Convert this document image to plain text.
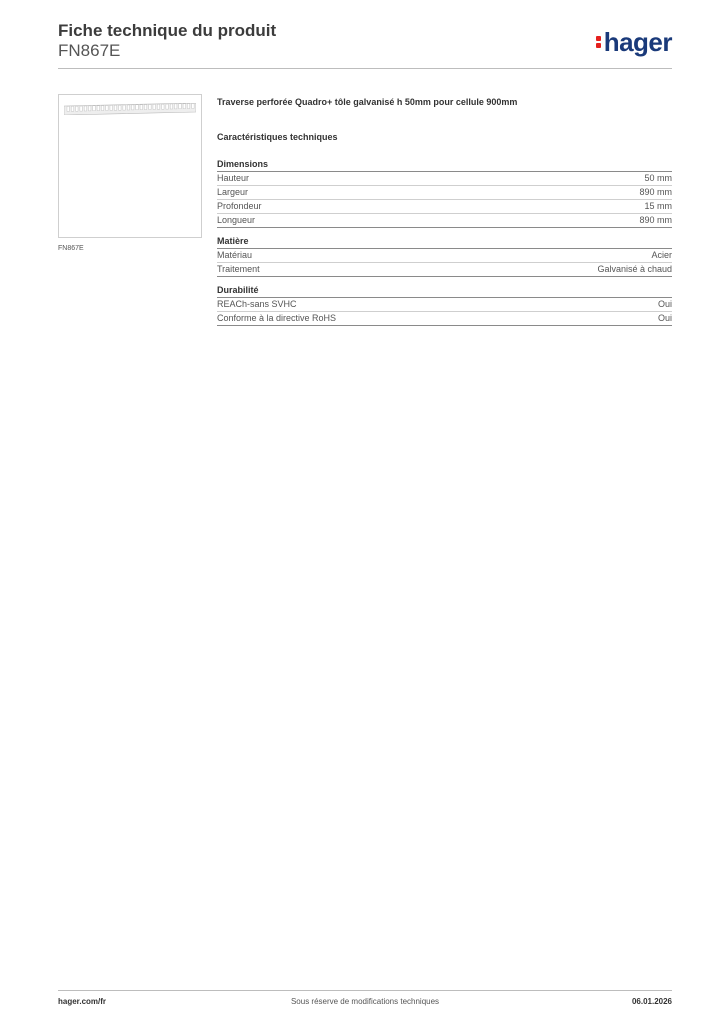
Fiche technique du produit
FN867E	hager
FN867E

Traverse perforée Quadro+ tôle galvanisé h 50mm pour cellule 900mm

Caractéristiques techniques

Dimensions
Hauteur	50 mm
Largeur	890 mm
Profondeur	15 mm
Longueur	890 mm
Matière
Matériau	Acier
Traitement	Galvanisé à chaud
Durabilité
REACh-sans SVHC	Oui
Conforme à la directive RoHS	Oui
hager.com/fr	Sous réserve de modifications techniques	06.01.2026
